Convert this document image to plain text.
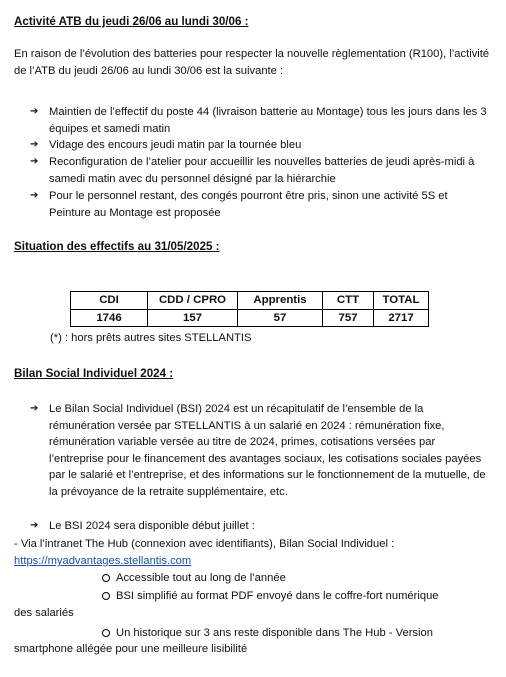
Activité ATB du jeudi 26/06 au lundi 30/06 :
En raison de l’évolution des batteries pour respecter la nouvelle règlementation (R100), l’activité de l’ATB du jeudi 26/06 au lundi 30/06 est la suivante :
➔ Maintien de l’effectif du poste 44 (livraison batterie au Montage) tous les jours dans les 3 équipes et samedi matin
➔ Vidage des encours jeudi matin par la tournée bleu
➔ Reconfiguration de l’atelier pour accueillir les nouvelles batteries de jeudi après-midi à samedi matin avec du personnel désigné par la hiérarchie
➔ Pour le personnel restant, des congés pourront être pris, sinon une activité 5S et Peinture au Montage est proposée
Situation des effectifs au 31/05/2025 :
CDI	CDD / CPRO	Apprentis	CTT	TOTAL
1746	157	57	757	2717
(*) : hors prêts autres sites STELLANTIS
Bilan Social Individuel 2024 :
➔ Le Bilan Social Individuel (BSI) 2024 est un récapitulatif de l’ensemble de la rémunération versée par STELLANTIS à un salarié en 2024 : rémunération fixe, rémunération variable versée au titre de 2024, primes, cotisations versées par l’entreprise pour le financement des avantages sociaux, les cotisations sociales payées par le salarié et l’entreprise, et des informations sur le fonctionnement de la mutuelle, de la prévoyance de la retraite supplémentaire, etc.
➔ Le BSI 2024 sera disponible début juillet :
- Via l’intranet The Hub (connexion avec identifiants), Bilan Social Individuel :
https://myadvantages.stellantis.com
Accessible tout au long de l’année
BSI simplifié au format PDF envoyé dans le coffre-fort numérique
des salariés
Un historique sur 3 ans reste disponible dans The Hub - Version
smartphone allégée pour une meilleure lisibilité
